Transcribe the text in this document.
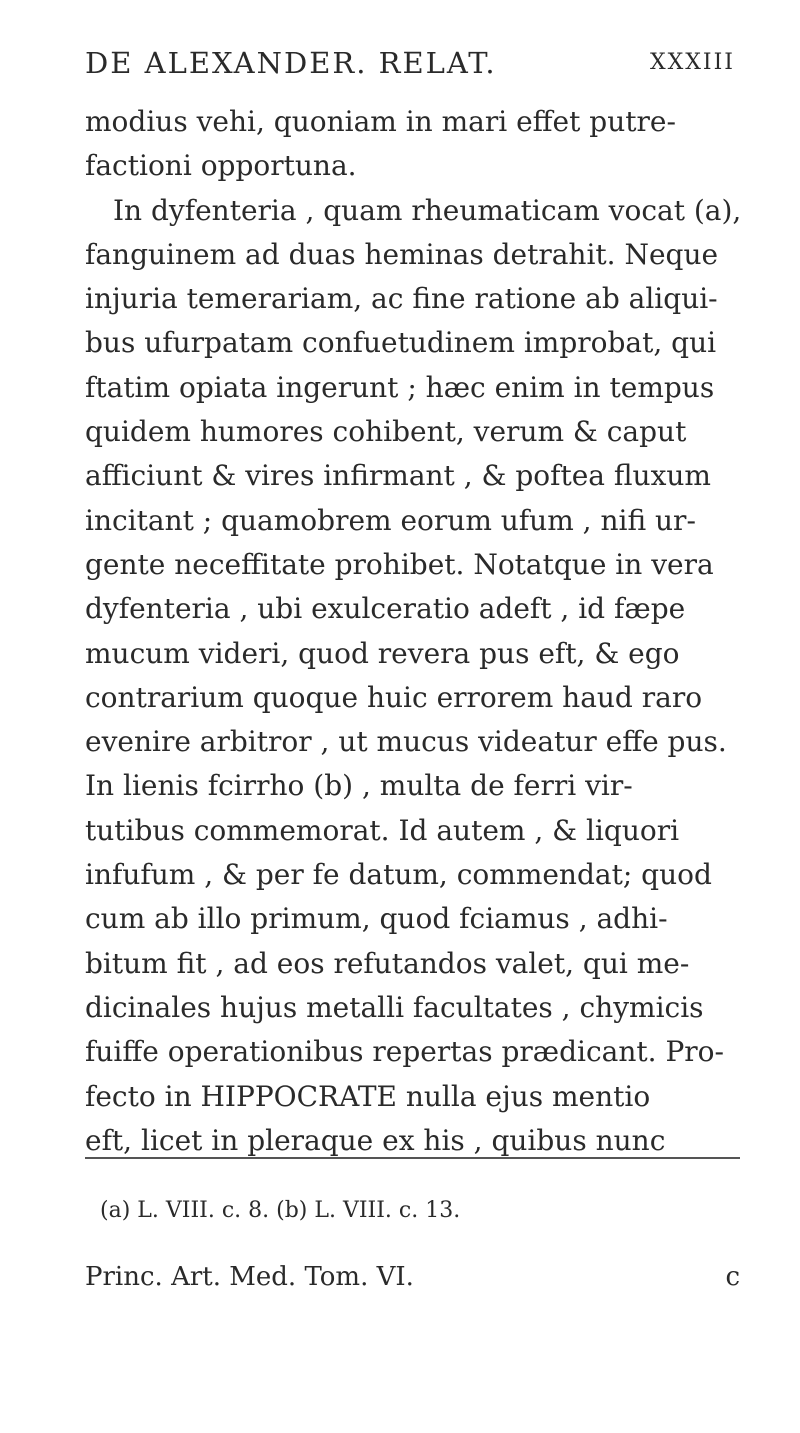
DE ALEXANDER. RELAT.	XXXIII
modius vehi, quoniam in mari effet putre-
factioni opportuna.
In dyfenteria , quam rheumaticam vocat (a),
fanguinem ad duas heminas detrahit. Neque
injuria temerariam, ac fine ratione ab aliqui-
bus ufurpatam confuetudinem improbat, qui
ftatim opiata ingerunt ; hæc enim in tempus
quidem humores cohibent, verum & caput
afficiunt & vires infirmant , & poftea fluxum
incitant ; quamobrem eorum ufum , nifi ur-
gente neceffitate prohibet. Notatque in vera
dyfenteria , ubi exulceratio adeft , id fæpe
mucum videri, quod revera pus eft, & ego
contrarium quoque huic errorem haud raro
evenire arbitror , ut mucus videatur effe pus.
In lienis fcirrho (b) , multa de ferri vir-
tutibus commemorat. Id autem , & liquori
infufum , & per fe datum, commendat; quod
cum ab illo primum, quod fciamus , adhi-
bitum fit , ad eos refutandos valet, qui me-
dicinales hujus metalli facultates , chymicis
fuiffe operationibus repertas prædicant. Pro-
fecto in HIPPOCRATE nulla ejus mentio
eft, licet in pleraque ex his , quibus nunc
(a) L. VIII. c. 8. (b) L. VIII. c. 13.
Princ. Art. Med. Tom. VI.	c
